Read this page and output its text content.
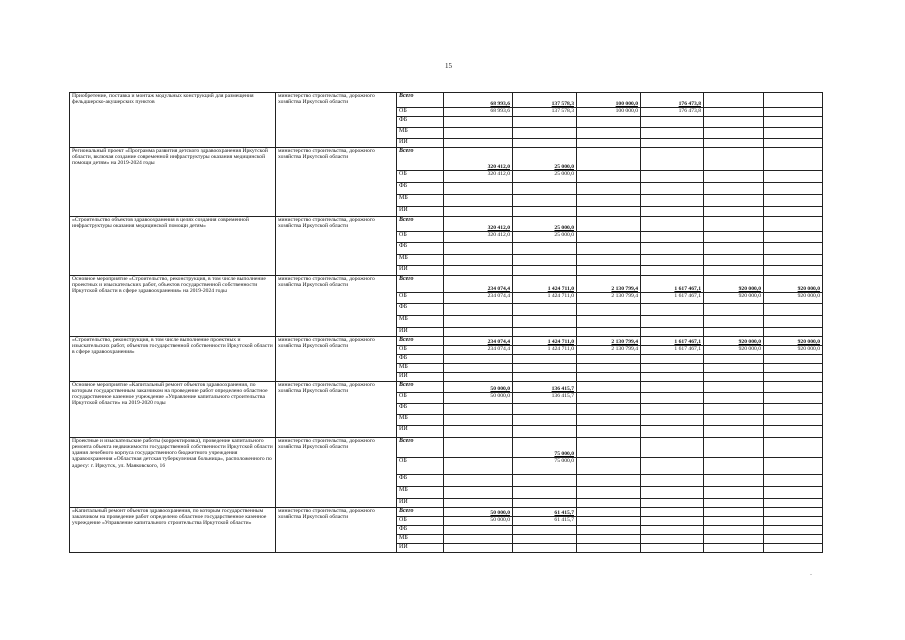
15
Приобретение, поставка и монтаж модульных конструкций для размещения фельдшерско-акушерских пунктов	министерство строительства, дорожного хозяйства Иркутской области	Всего	68 993,6	137 578,3	100 000,0	176 473,8		
		ОБ	68 993,6	137 578,3	100 000,0	176 473,8		
		ФБ						
		МБ						
		ИИ						
Региональный проект «Программа развития детского здравоохранения Иркутской области, включая создание современной инфраструктуры оказания медицинской помощи детям» на 2019-2024 годы	министерство строительства, дорожного хозяйства Иркутской области	Всего	320 412,0	25 000,0				
		ОБ	320 412,0	25 000,0				
		ФБ						
		МБ						
		ИИ						
«Строительство объектов здравоохранения в целях создания современной инфраструктуры оказания медицинской помощи детям»	министерство строительства, дорожного хозяйства Иркутской области	Всего	320 412,0	25 000,0				
		ОБ	320 412,0	25 000,0				
		ФБ						
		МБ						
		ИИ						
Основное мероприятие «Строительство, реконструкция, в том числе выполнение проектных и изыскательских работ, объектов государственной собственности Иркутской области в сфере здравоохранения» на 2019-2024 годы	министерство строительства, дорожного хозяйства Иркутской области	Всего	234 074,4	1 424 711,0	2 130 799,4	1 617 467,1	920 000,0	920 000,0
		ОБ	234 074,4	1 424 711,0	2 130 799,4	1 617 467,1	920 000,0	920 000,0
		ФБ						
		МБ						
		ИИ						
«Строительство, реконструкция, в том числе выполнение проектных и изыскательских работ, объектов государственной собственности Иркутской области в сфере здравоохранения»	министерство строительства, дорожного хозяйства Иркутской области	Всего	234 074,4	1 424 711,0	2 130 799,4	1 617 467,1	920 000,0	920 000,0
		ОБ	234 074,4	1 424 711,0	2 130 799,4	1 617 467,1	920 000,0	920 000,0
		ФБ						
		МБ						
		ИИ						
Основное мероприятие «Капитальный ремонт объектов здравоохранения, по которым государственным заказчиком на проведение работ определено областное государственное казенное учреждение «Управление капитального строительства Иркутской области» на 2019-2020 годы	министерство строительства, дорожного хозяйства Иркутской области	Всего	50 000,0	136 415,7				
		ОБ	50 000,0	136 415,7				
		ФБ						
		МБ						
		ИИ						
Проектные и изыскательские работы (корректировка), проведение капитального ремонта объекта недвижимости государственной собственности Иркутской области здания лечебного корпуса государственного бюджетного учреждения здравоохранения «Областная детская туберкулезная больница», расположенного по адресу: г. Иркутск, ул. Маяковского, 16	министерство строительства, дорожного хозяйства Иркутской области	Всего		75 000,0				
		ОБ		75 000,0				
		ФБ						
		МБ						
		ИИ						
«Капитальный ремонт объектов здравоохранения, по которым государственным заказчиком на проведение работ определено областное государственное казенное учреждение «Управление капитального строительства Иркутской области»	министерство строительства, дорожного хозяйства Иркутской области	Всего	50 000,0	61 415,7				
		ОБ	50 000,0	61 415,7				
		ФБ						
		МБ						
		ИИ						
-
